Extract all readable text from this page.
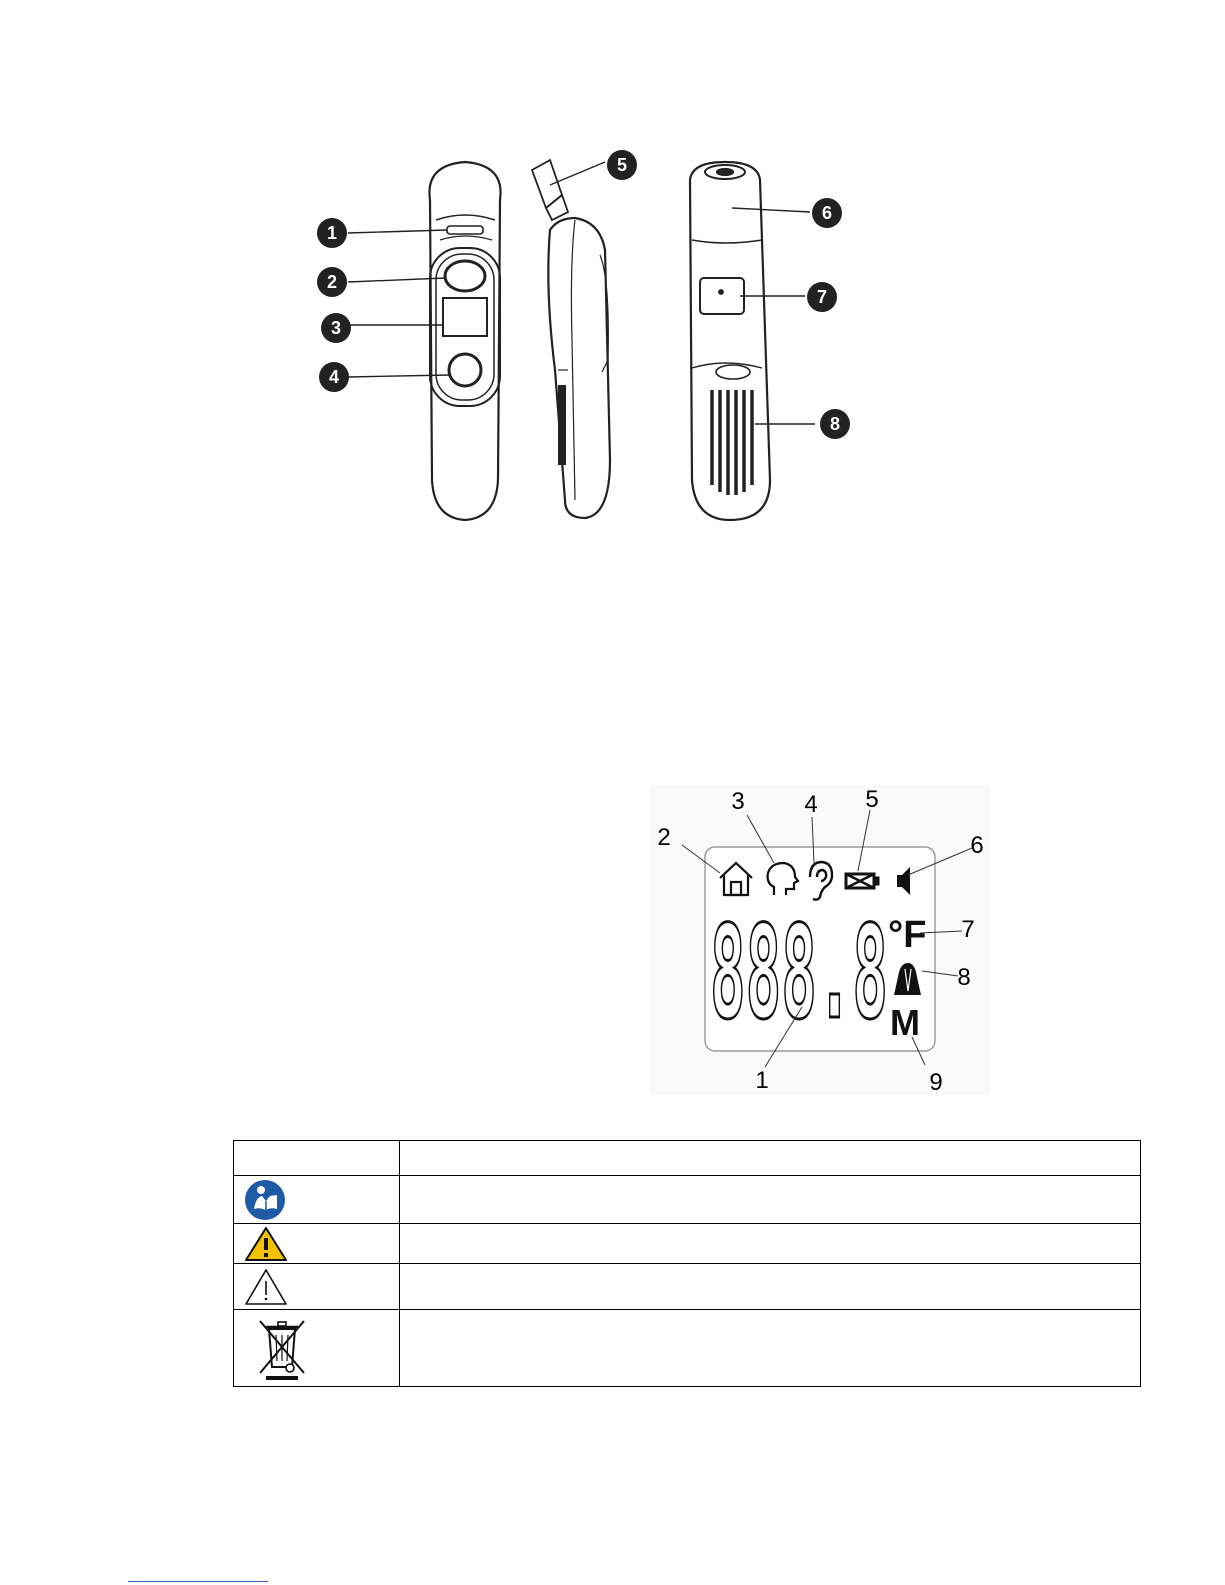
1
2
3
4
5
6
7
8
888.8 °F
M
1
2
3 4 5
6
7
8
9
